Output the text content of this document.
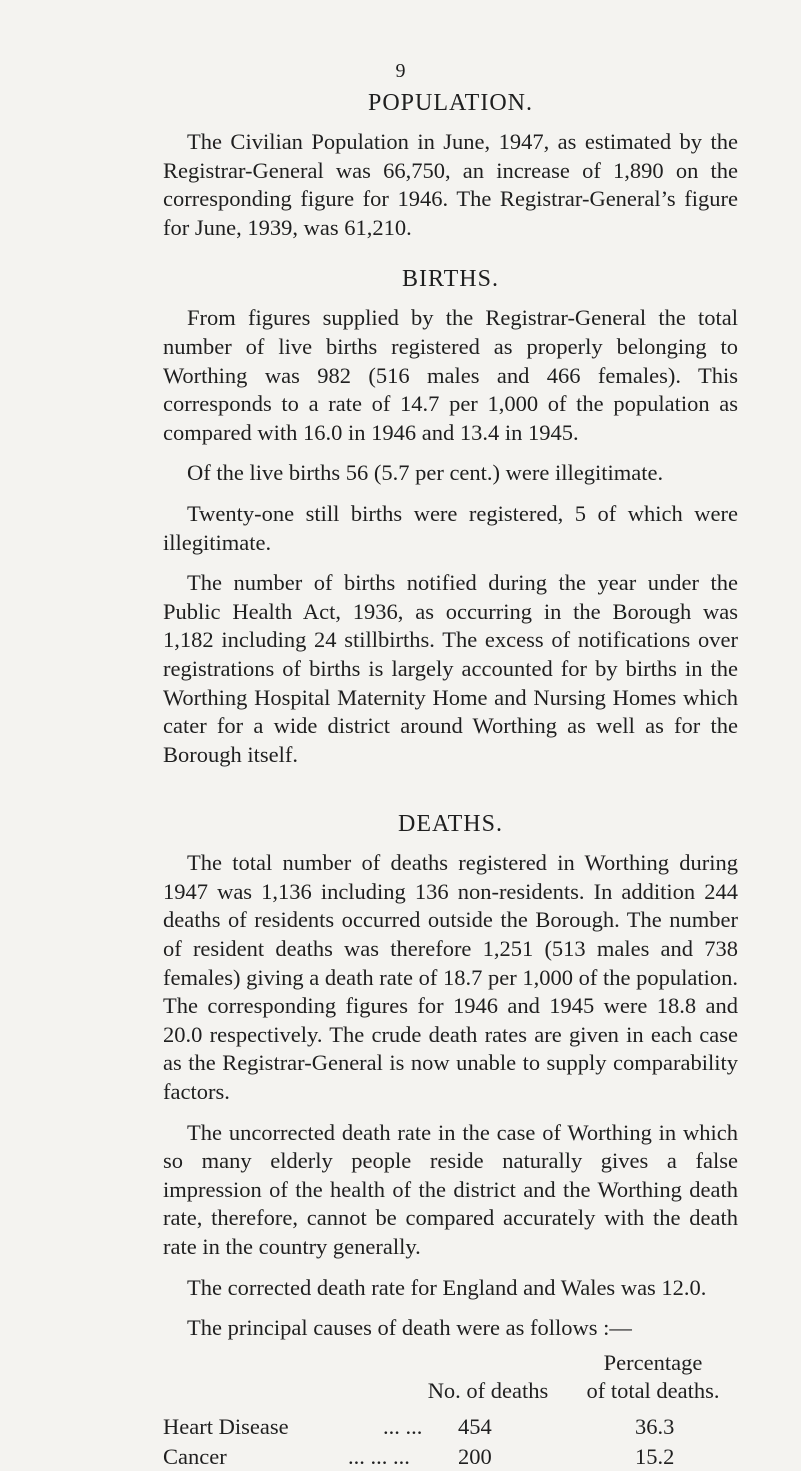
9
POPULATION.

The Civilian Population in June, 1947, as estimated by the Registrar-General was 66,750, an increase of 1,890 on the corresponding figure for 1946. The Registrar-General’s figure for June, 1939, was 61,210.

BIRTHS.

From figures supplied by the Registrar-General the total number of live births registered as properly belonging to Worthing was 982 (516 males and 466 females). This corresponds to a rate of 14.7 per 1,000 of the population as compared with 16.0 in 1946 and 13.4 in 1945.

Of the live births 56 (5.7 per cent.) were illegitimate.

Twenty-one still births were registered, 5 of which were illegitimate.

The number of births notified during the year under the Public Health Act, 1936, as occurring in the Borough was 1,182 including 24 stillbirths. The excess of notifications over registrations of births is largely accounted for by births in the Worthing Hospital Maternity Home and Nursing Homes which cater for a wide district around Worthing as well as for the Borough itself.

DEATHS.

The total number of deaths registered in Worthing during 1947 was 1,136 including 136 non-residents. In addition 244 deaths of residents occurred outside the Borough. The number of resident deaths was therefore 1,251 (513 males and 738 females) giving a death rate of 18.7 per 1,000 of the population. The corresponding figures for 1946 and 1945 were 18.8 and 20.0 respectively. The crude death rates are given in each case as the Registrar-General is now unable to supply comparability factors.

The uncorrected death rate in the case of Worthing in which so many elderly people reside naturally gives a false impression of the health of the district and the Worthing death rate, therefore, cannot be compared accurately with the death rate in the country generally.

The corrected death rate for England and Wales was 12.0.

The principal causes of death were as follows :—

No. of deaths
Percentage
of total deaths.
Heart Disease	... ... 454	36.3
Cancer	... ... ... 200	15.2
